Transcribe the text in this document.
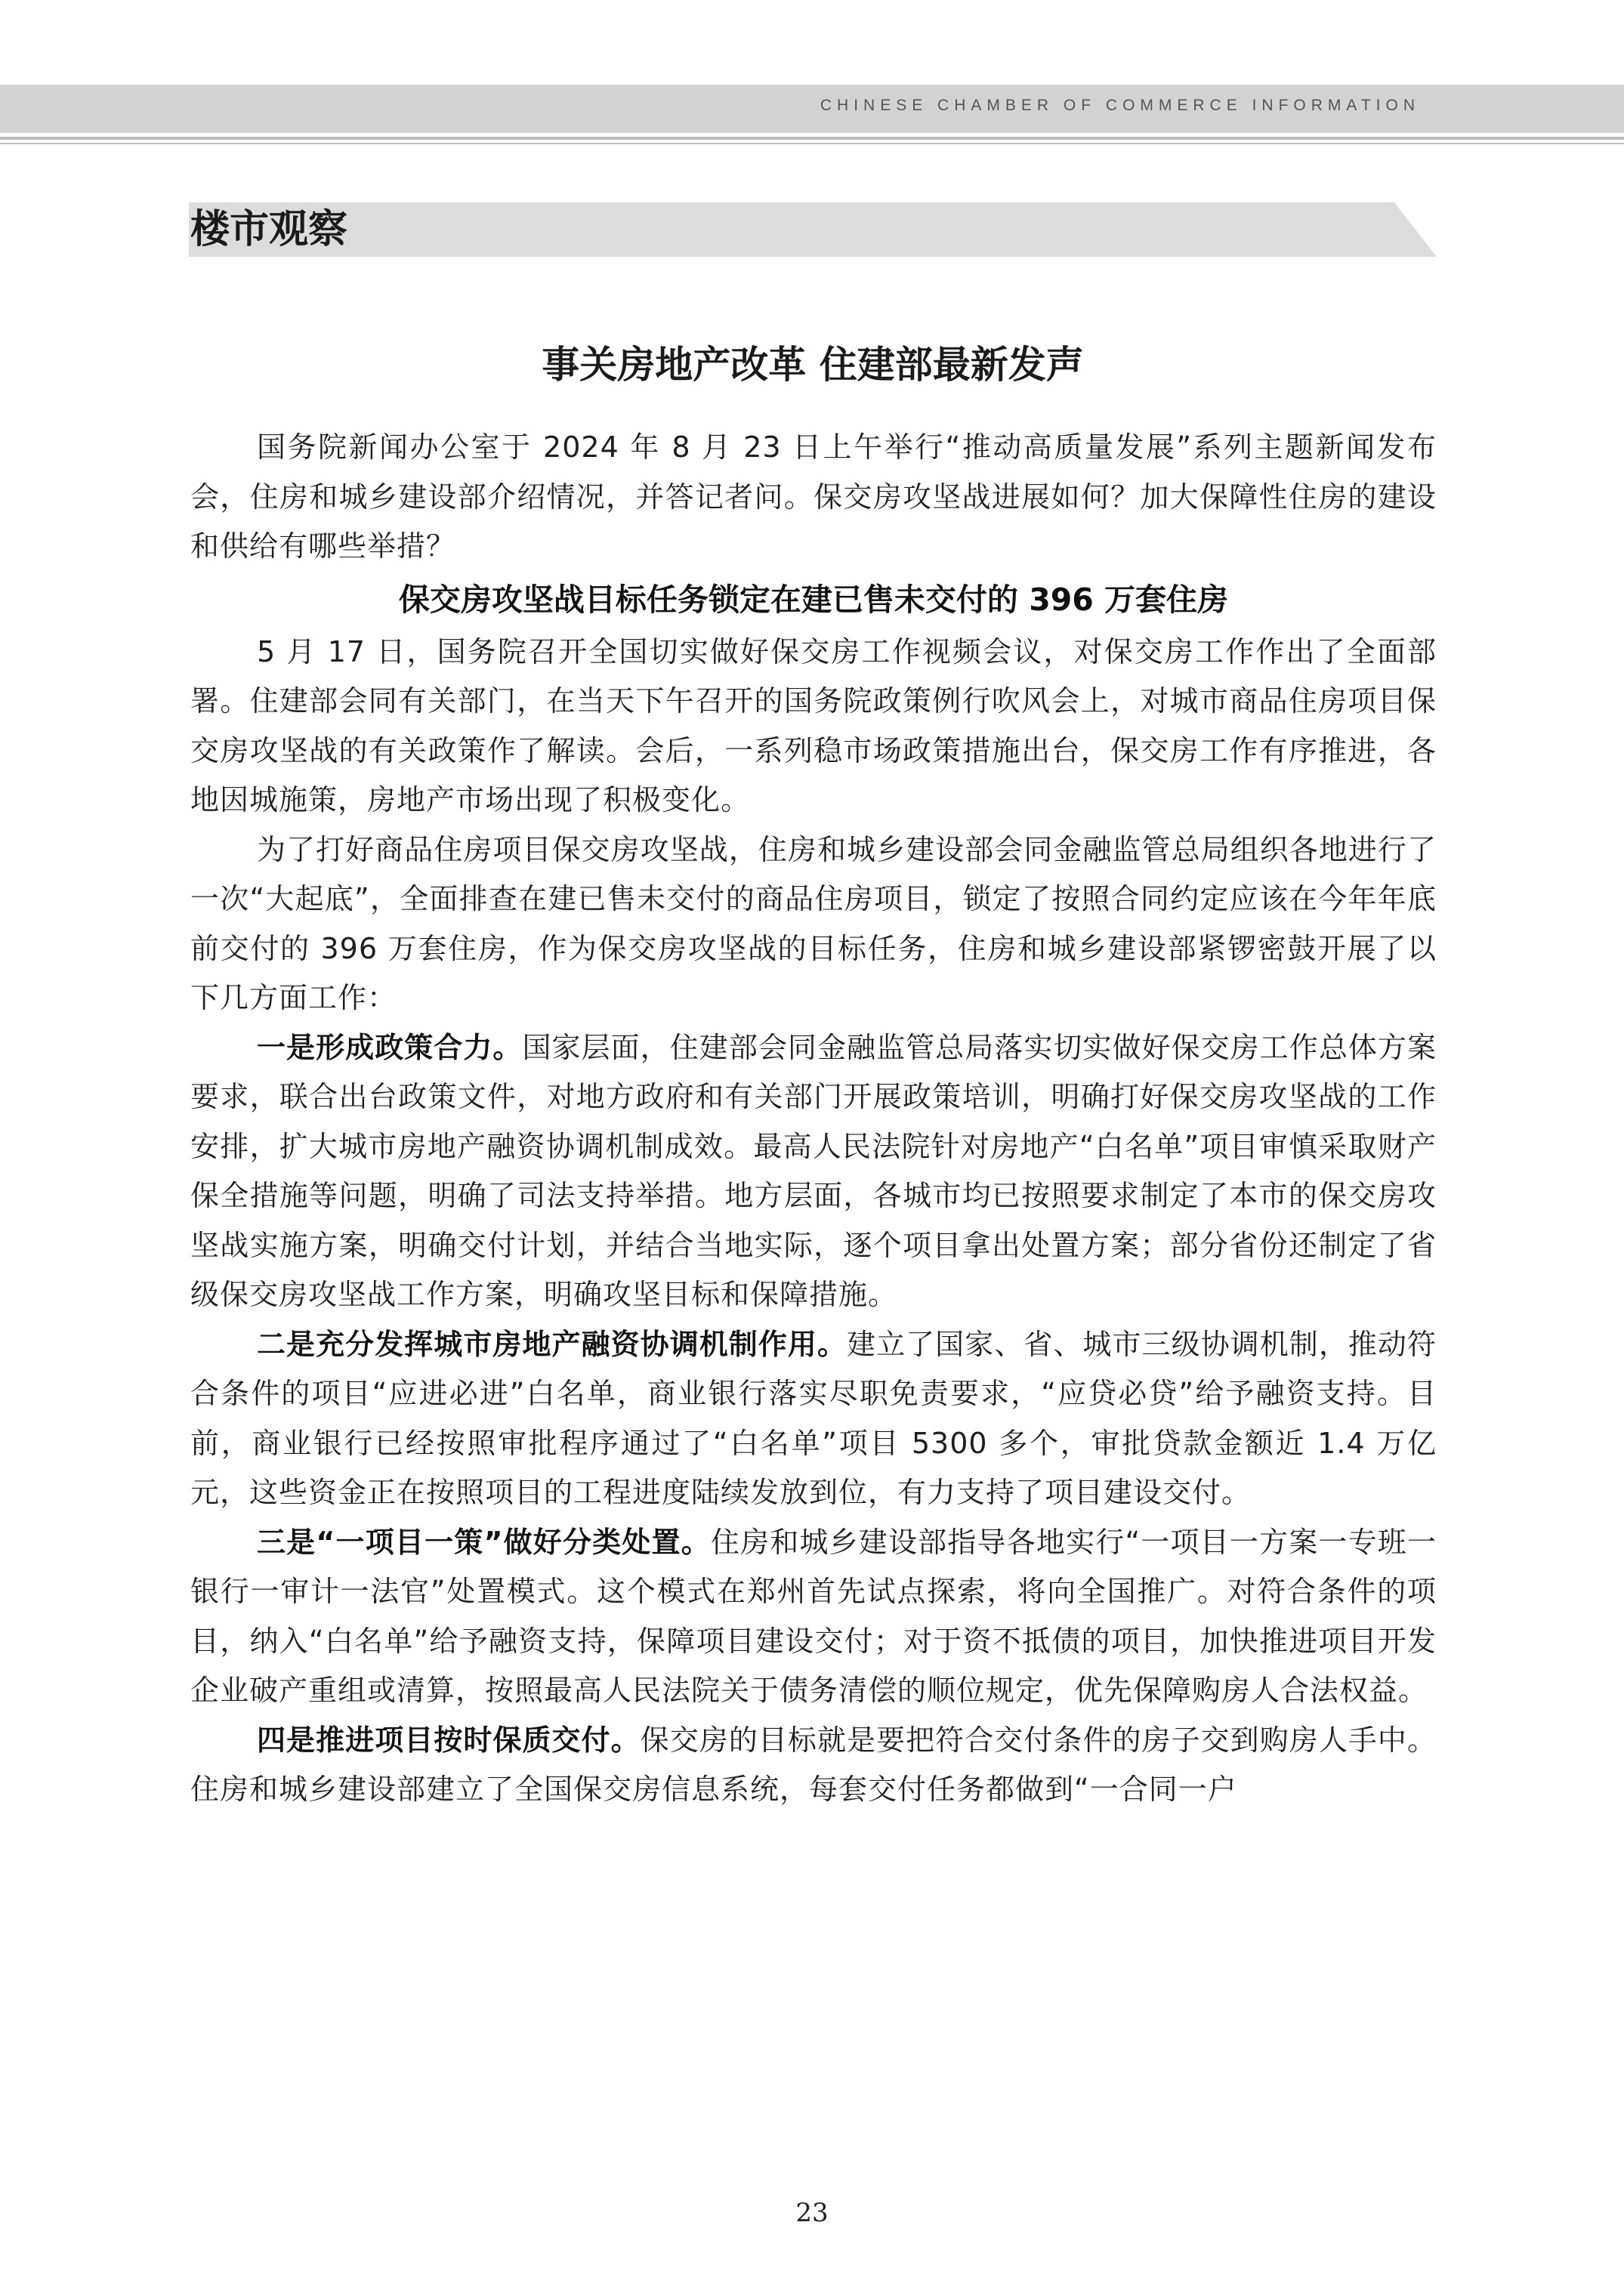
CHINESE CHAMBER OF COMMERCE INFORMATION
楼市观察
事关房地产改革 住建部最新发声

国务院新闻办公室于 2024 年 8 月 23 日上午举行“推动高质量发展”系列主题新闻发布会，住房和城乡建设部介绍情况，并答记者问。保交房攻坚战进展如何？加大保障性住房的建设和供给有哪些举措？

保交房攻坚战目标任务锁定在建已售未交付的 396 万套住房

5 月 17 日，国务院召开全国切实做好保交房工作视频会议，对保交房工作作出了全面部署。住建部会同有关部门，在当天下午召开的国务院政策例行吹风会上，对城市商品住房项目保交房攻坚战的有关政策作了解读。会后，一系列稳市场政策措施出台，保交房工作有序推进，各地因城施策，房地产市场出现了积极变化。

为了打好商品住房项目保交房攻坚战，住房和城乡建设部会同金融监管总局组织各地进行了一次“大起底”，全面排查在建已售未交付的商品住房项目，锁定了按照合同约定应该在今年年底前交付的 396 万套住房，作为保交房攻坚战的目标任务，住房和城乡建设部紧锣密鼓开展了以下几方面工作：

一是形成政策合力。国家层面，住建部会同金融监管总局落实切实做好保交房工作总体方案要求，联合出台政策文件，对地方政府和有关部门开展政策培训，明确打好保交房攻坚战的工作安排，扩大城市房地产融资协调机制成效。最高人民法院针对房地产“白名单”项目审慎采取财产保全措施等问题，明确了司法支持举措。地方层面，各城市均已按照要求制定了本市的保交房攻坚战实施方案，明确交付计划，并结合当地实际，逐个项目拿出处置方案；部分省份还制定了省级保交房攻坚战工作方案，明确攻坚目标和保障措施。

二是充分发挥城市房地产融资协调机制作用。建立了国家、省、城市三级协调机制，推动符合条件的项目“应进必进”白名单，商业银行落实尽职免责要求，“应贷必贷”给予融资支持。目前，商业银行已经按照审批程序通过了“白名单”项目 5300 多个，审批贷款金额近 1.4 万亿元，这些资金正在按照项目的工程进度陆续发放到位，有力支持了项目建设交付。

三是“一项目一策”做好分类处置。住房和城乡建设部指导各地实行“一项目一方案一专班一银行一审计一法官”处置模式。这个模式在郑州首先试点探索，将向全国推广。对符合条件的项目，纳入“白名单”给予融资支持，保障项目建设交付；对于资不抵债的项目，加快推进项目开发企业破产重组或清算，按照最高人民法院关于债务清偿的顺位规定，优先保障购房人合法权益。

四是推进项目按时保质交付。保交房的目标就是要把符合交付条件的房子交到购房人手中。住房和城乡建设部建立了全国保交房信息系统，每套交付任务都做到“一合同一户

23
